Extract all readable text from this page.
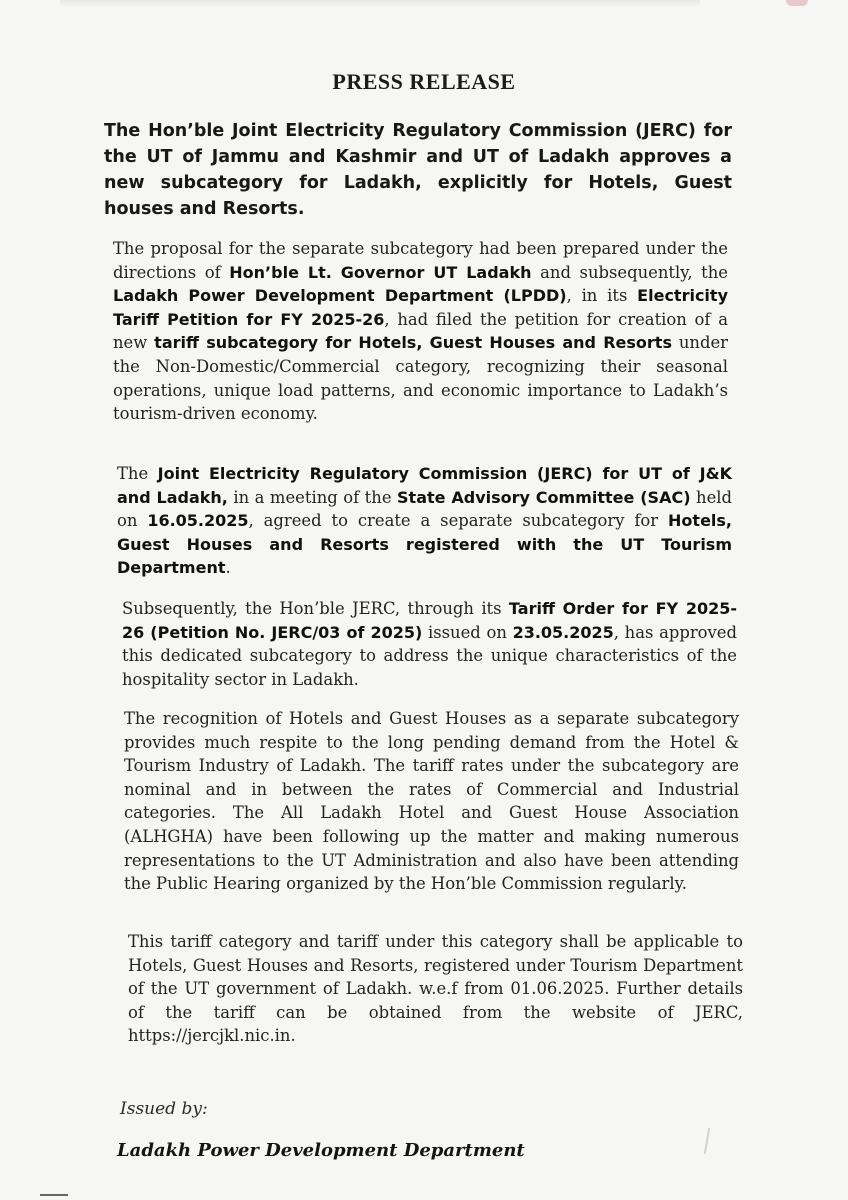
PRESS RELEASE
The Hon’ble Joint Electricity Regulatory Commission (JERC) for the UT of Jammu and Kashmir and UT of Ladakh approves a new subcategory for Ladakh, explicitly for Hotels, Guest houses and Resorts.
The proposal for the separate subcategory had been prepared under the directions of Hon’ble Lt. Governor UT Ladakh and subsequently, the Ladakh Power Development Department (LPDD), in its Electricity Tariff Petition for FY 2025-26, had filed the petition for creation of a new tariff subcategory for Hotels, Guest Houses and Resorts under the Non-Domestic/Commercial category, recognizing their seasonal operations, unique load patterns, and economic importance to Ladakh’s tourism-driven economy.
The Joint Electricity Regulatory Commission (JERC) for UT of J&K and Ladakh, in a meeting of the State Advisory Committee (SAC) held on 16.05.2025, agreed to create a separate subcategory for Hotels, Guest Houses and Resorts registered with the UT Tourism Department.
Subsequently, the Hon’ble JERC, through its Tariff Order for FY 2025-26 (Petition No. JERC/03 of 2025) issued on 23.05.2025, has approved this dedicated subcategory to address the unique characteristics of the hospitality sector in Ladakh.
The recognition of Hotels and Guest Houses as a separate subcategory provides much respite to the long pending demand from the Hotel & Tourism Industry of Ladakh. The tariff rates under the subcategory are nominal and in between the rates of Commercial and Industrial categories. The All Ladakh Hotel and Guest House Association (ALHGHA) have been following up the matter and making numerous representations to the UT Administration and also have been attending the Public Hearing organized by the Hon’ble Commission regularly.
This tariff category and tariff under this category shall be applicable to Hotels, Guest Houses and Resorts, registered under Tourism Department of the UT government of Ladakh. w.e.f from 01.06.2025. Further details of the tariff can be obtained from the website of JERC, https://jercjkl.nic.in.
Issued by:
Ladakh Power Development Department
